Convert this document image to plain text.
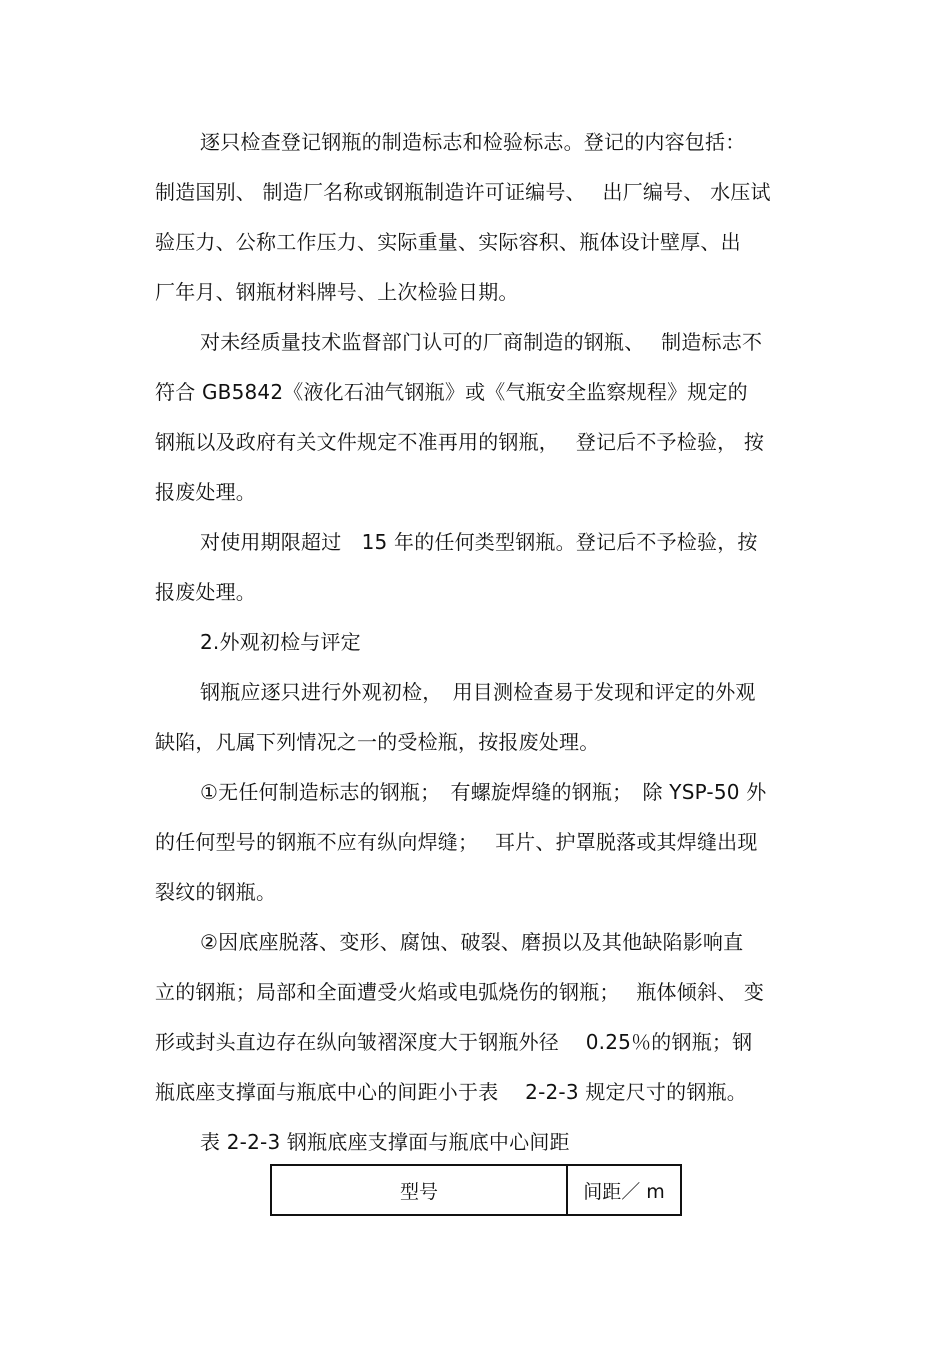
逐只检查登记钢瓶的制造标志和检验标志。登记的内容包括：
制造国别、 制造厂名称或钢瓶制造许可证编号、　 出厂编号、 水压试
验压力、公称工作压力、实际重量、实际容积、瓶体设计壁厚、出
厂年月、钢瓶材料牌号、上次检验日期。
对未经质量技术监督部门认可的厂商制造的钢瓶、　 制造标志不
符合 GB5842《液化石油气钢瓶》或《气瓶安全监察规程》规定的
钢瓶以及政府有关文件规定不准再用的钢瓶，　 登记后不予检验， 按
报废处理。
对使用期限超过　15 年的任何类型钢瓶。登记后不予检验，按
报废处理。
2.外观初检与评定
钢瓶应逐只进行外观初检，　用目测检查易于发现和评定的外观
缺陷，凡属下列情况之一的受检瓶，按报废处理。
①无任何制造标志的钢瓶；　有螺旋焊缝的钢瓶；　除 YSP-50 外
的任何型号的钢瓶不应有纵向焊缝；　 耳片、护罩脱落或其焊缝出现
裂纹的钢瓶。
②因底座脱落、变形、腐蚀、破裂、磨损以及其他缺陷影响直
立的钢瓶；局部和全面遭受火焰或电弧烧伤的钢瓶；　 瓶体倾斜、 变
形或封头直边存在纵向皱褶深度大于钢瓶外径　 0.25％的钢瓶；钢
瓶底座支撑面与瓶底中心的间距小于表　 2-2-3 规定尺寸的钢瓶。
表 2-2-3 钢瓶底座支撑面与瓶底中心间距
型号	间距／ m
